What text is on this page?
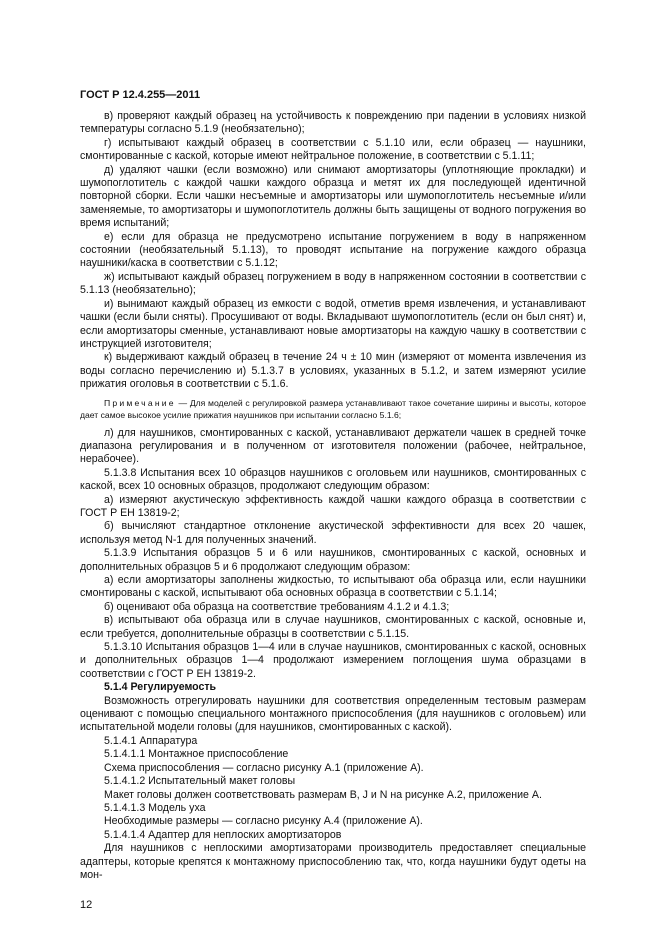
ГОСТ Р 12.4.255—2011

в) проверяют каждый образец на устойчивость к повреждению при падении в условиях низкой температуры согласно 5.1.9 (необязательно);

г) испытывают каждый образец в соответствии с 5.1.10 или, если образец — наушники, смонтированные с каской, которые имеют нейтральное положение, в соответствии с 5.1.11;

д) удаляют чашки (если возможно) или снимают амортизаторы (уплотняющие прокладки) и шумопоглотитель с каждой чашки каждого образца и метят их для последующей идентичной повторной сборки. Если чашки несъемные и амортизаторы или шумопоглотитель несъемные и/или заменяемые, то амортизаторы и шумопоглотитель должны быть защищены от водного погружения во время испытаний;

е) если для образца не предусмотрено испытание погружением в воду в напряженном состоянии (необязательный 5.1.13), то проводят испытание на погружение каждого образца наушники/каска в соответствии с 5.1.12;

ж) испытывают каждый образец погружением в воду в напряженном состоянии в соответствии с 5.1.13 (необязательно);

и) вынимают каждый образец из емкости с водой, отметив время извлечения, и устанавливают чашки (если были сняты). Просушивают от воды. Вкладывают шумопоглотитель (если он был снят) и, если амортизаторы сменные, устанавливают новые амортизаторы на каждую чашку в соответствии с инструкцией изготовителя;

к) выдерживают каждый образец в течение 24 ч ± 10 мин (измеряют от момента извлечения из воды согласно перечислению и) 5.1.3.7 в условиях, указанных в 5.1.2, и затем измеряют усилие прижатия оголовья в соответствии с 5.1.6.

Примечание — Для моделей с регулировкой размера устанавливают такое сочетание ширины и высоты, которое дает самое высокое усилие прижатия наушников при испытании согласно 5.1.6;

л) для наушников, смонтированных с каской, устанавливают держатели чашек в средней точке диапазона регулирования и в полученном от изготовителя положении (рабочее, нейтральное, нерабочее).

5.1.3.8 Испытания всех 10 образцов наушников с оголовьем или наушников, смонтированных с каской, всех 10 основных образцов, продолжают следующим образом:

а) измеряют акустическую эффективность каждой чашки каждого образца в соответствии с ГОСТ Р ЕН 13819-2;

б) вычисляют стандартное отклонение акустической эффективности для всех 20 чашек, используя метод N-1 для полученных значений.

5.1.3.9 Испытания образцов 5 и 6 или наушников, смонтированных с каской, основных и дополнительных образцов 5 и 6 продолжают следующим образом:

а) если амортизаторы заполнены жидкостью, то испытывают оба образца или, если наушники смонтированы с каской, испытывают оба основных образца в соответствии с 5.1.14;

б) оценивают оба образца на соответствие требованиям 4.1.2 и 4.1.3;

в) испытывают оба образца или в случае наушников, смонтированных с каской, основные и, если требуется, дополнительные образцы в соответствии с 5.1.15.

5.1.3.10 Испытания образцов 1—4 или в случае наушников, смонтированных с каской, основных и дополнительных образцов 1—4 продолжают измерением поглощения шума образцами в соответствии с ГОСТ Р ЕН 13819-2.

5.1.4 Регулируемость

Возможность отрегулировать наушники для соответствия определенным тестовым размерам оценивают с помощью специального монтажного приспособления (для наушников с оголовьем) или испытательной модели головы (для наушников, смонтированных с каской).

5.1.4.1 Аппаратура

5.1.4.1.1 Монтажное приспособление

Схема приспособления — согласно рисунку А.1 (приложение А).

5.1.4.1.2 Испытательный макет головы

Макет головы должен соответствовать размерам B, J и N на рисунке А.2, приложение А.

5.1.4.1.3 Модель уха

Необходимые размеры — согласно рисунку А.4 (приложение А).

5.1.4.1.4 Адаптер для неплоских амортизаторов

Для наушников с неплоскими амортизаторами производитель предоставляет специальные адаптеры, которые крепятся к монтажному приспособлению так, что, когда наушники будут одеты на мон-

12
